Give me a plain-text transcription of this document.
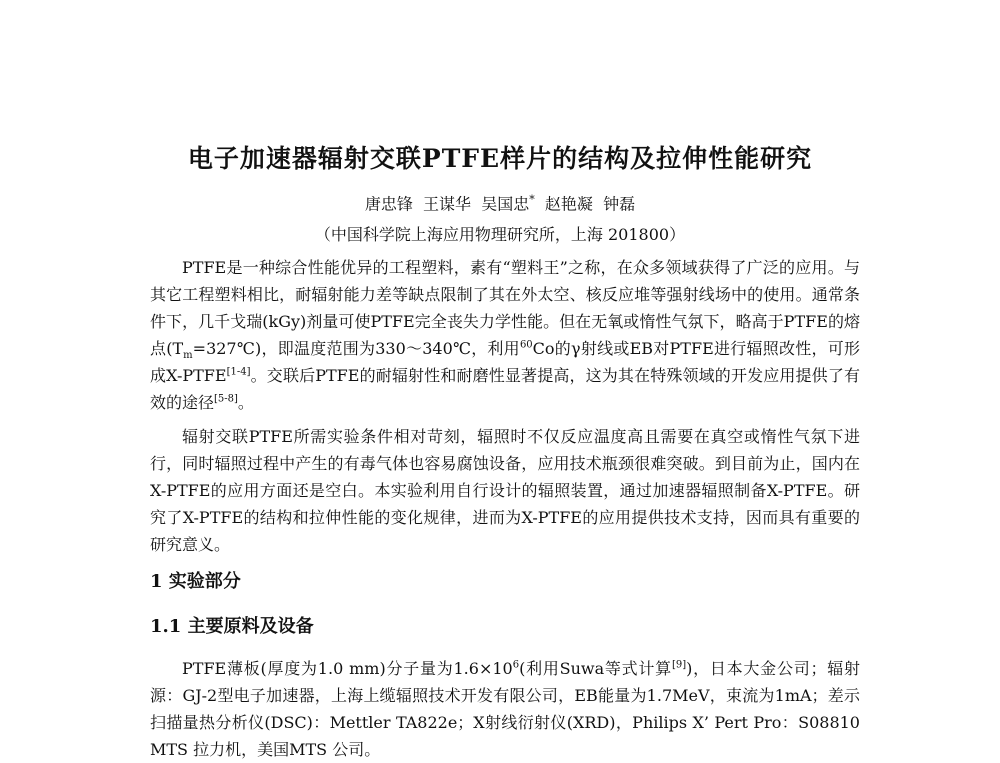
电子加速器辐射交联PTFE样片的结构及拉伸性能研究
唐忠锋 王谋华 吴国忠* 赵艳凝 钟磊
（中国科学院上海应用物理研究所，上海 201800）

PTFE是一种综合性能优异的工程塑料，素有“塑料王”之称，在众多领域获得了广泛的应用。与其它工程塑料相比，耐辐射能力差等缺点限制了其在外太空、核反应堆等强射线场中的使用。通常条件下，几千戈瑞(kGy)剂量可使PTFE完全丧失力学性能。但在无氧或惰性气氛下，略高于PTFE的熔点$(T_m=327℃)$，即温度范围为330～340℃，利用$^{60}$Co的γ射线或EB对PTFE进行辐照改性，可形成X-PTFE[1-4]。交联后PTFE的耐辐射性和耐磨性显著提高，这为其在特殊领域的开发应用提供了有效的途径[5-8]。

辐射交联PTFE所需实验条件相对苛刻，辐照时不仅反应温度高且需要在真空或惰性气氛下进行，同时辐照过程中产生的有毒气体也容易腐蚀设备，应用技术瓶颈很难突破。到目前为止，国内在X-PTFE的应用方面还是空白。本实验利用自行设计的辐照装置，通过加速器辐照制备X-PTFE。研究了X-PTFE的结构和拉伸性能的变化规律，进而为X-PTFE的应用提供技术支持，因而具有重要的研究意义。

1 实验部分
1.1 主要原料及设备

PTFE薄板(厚度为1.0 mm)分子量为$1.6\times 10^6$(利用Suwa等式计算[9])，日本大金公司；辐射源：GJ-2型电子加速器，上海上缆辐照技术开发有限公司，EB能量为1.7MeV，束流为1mA；差示扫描量热分析仪(DSC)：Mettler TA822e；X射线衍射仪(XRD)，Philips X’ Pert Pro：S08810 MTS 拉力机，美国MTS 公司。
